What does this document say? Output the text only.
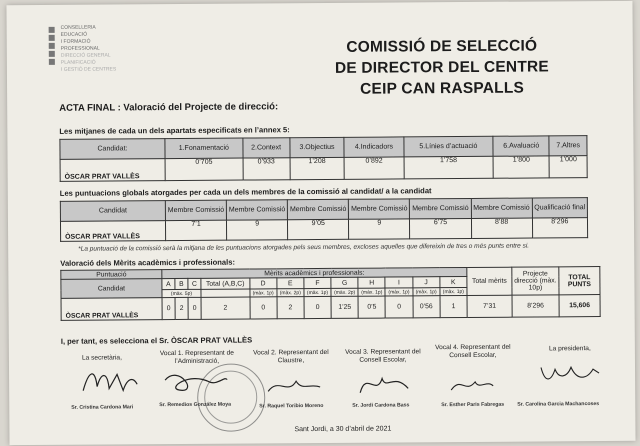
CONSELLERIA
EDUCACIÓ
I FORMACIÓ
PROFESSIONAL
DIRECCIÓ GENERAL
PLANIFICACIÓ
I GESTIÓ DE CENTRES
COMISSIÓ DE SELECCIÓ
DE DIRECTOR DEL CENTRE
CEIP CAN RASPALLS
ACTA FINAL : Valoració del Projecte de direcció:
Les mitjanes de cada un dels apartats especificats en l’annex 5:
Candidat:	1.Fonamentació	2.Context	3.Objectius	4.Indicadors	5.Línies d’actuació	6.Avaluació	7.Altres
ÒSCAR PRAT VALLÈS	0’705	0’933	1’208	0’892	1’758	1’800	1’000
Les puntuacions globals atorgades per cada un dels membres de la comissió al candidat/ a la candidat
Candidat	Membre Comissió	Membre Comissió	Membre Comissió	Membre Comissió	Membre Comissió	Membre Comissió	Qualificació final
ÒSCAR PRAT VALLÈS	7’1	9	9’05	9	6’75	8’88	8’296
*La puntuació de la comissió serà la mitjana de les puntuacions atorgades pels seus membres, excloses aquelles que difereixin de tres o més punts entre si.
Valoració dels Mèrits acadèmics i professionals:
Puntuació	Mèrits acadèmics i professionals:												Total mèrits	Projecte direcció (màx. 10p)	TOTAL PUNTS
Candidat	A	B	C	Total (A,B,C)	D	E	F	G	H	I	J	K			
	(màx. 5p)				(màx. 1p)	(màx. 2p)	(màx. 1p)	(màx. 2p)	(màx. 1p)	(màx. 1p)	(màx. 1p)	(màx. 1p)			
ÒSCAR PRAT VALLÈS	0	2	0	2	0	2	0	1’25	0’5	0	0’56	1	7’31	8’296	15,606
I, per tant, es selecciona el Sr. ÒSCAR PRAT VALLÈS
La secretària,
Vocal 1. Representant de l’Administració,
Vocal 2. Representant del Claustre,
Vocal 3. Representant del Consell Escolar,
Vocal 4. Representant del Consell Escolar,
La presidenta,
Sr. Cristina Cardona Mari	Sr. Remedios González Moya	Sr. Raquel Toribio Moreno	Sr. Jordi Cardona Bass	Sr. Esther Paris Fabregas	Sr. Carolina Garcia Machancoses
Sant Jordi, a 30 d’abril de 2021
